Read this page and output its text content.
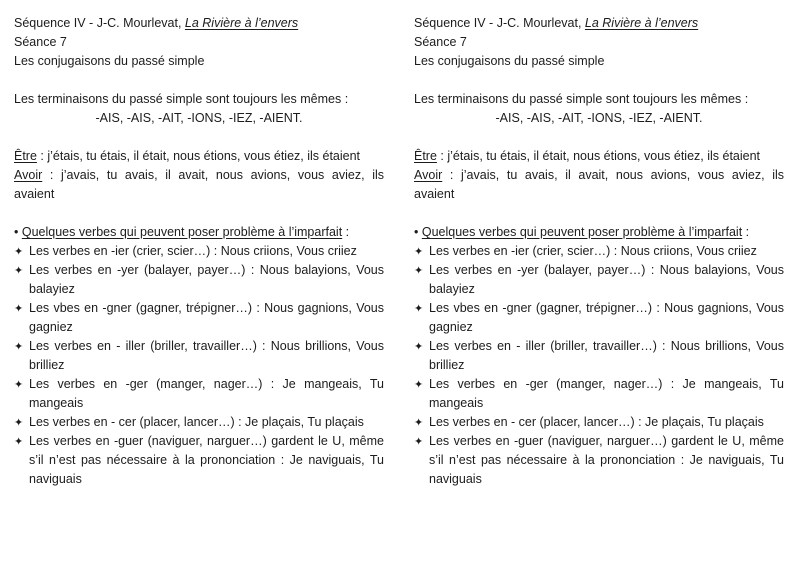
Séquence IV - J-C. Mourlevat, La Rivière à l’envers
Séance 7
Les conjugaisons du passé simple
Les terminaisons du passé simple sont toujours les mêmes :
-AIS, -AIS, -AIT, -IONS, -IEZ, -AIENT.
Être : j’étais, tu étais, il était, nous étions, vous étiez, ils étaient
Avoir : j’avais, tu avais, il avait, nous avions, vous aviez, ils
avaient
• Quelques verbes qui peuvent poser problème à l’imparfait :
✦ Les verbes en -ier (crier, scier…) : Nous criions, Vous criiez
✦ Les verbes en -yer (balayer, payer…) : Nous balayions, Vous
balayiez
✦ Les vbes en -gner (gagner, trépigner…) : Nous gagnions, Vous
gagniez
✦ Les verbes en - iller (briller, travailler…) : Nous brillions, Vous
brilliez
✦ Les verbes en -ger (manger, nager…) : Je mangeais, Tu
mangeais
✦ Les verbes en - cer (placer, lancer…) : Je plaçais, Tu plaçais
✦ Les verbes en -guer (naviguer, narguer…) gardent le U, même
s’il n’est pas nécessaire à la prononciation : Je naviguais, Tu
naviguais
Séquence IV - J-C. Mourlevat, La Rivière à l’envers
Séance 7
Les conjugaisons du passé simple
Les terminaisons du passé simple sont toujours les mêmes :
-AIS, -AIS, -AIT, -IONS, -IEZ, -AIENT.
Être : j’étais, tu étais, il était, nous étions, vous étiez, ils étaient
Avoir : j’avais, tu avais, il avait, nous avions, vous aviez, ils
avaient
• Quelques verbes qui peuvent poser problème à l’imparfait :
✦ Les verbes en -ier (crier, scier…) : Nous criions, Vous criiez
✦ Les verbes en -yer (balayer, payer…) : Nous balayions, Vous
balayiez
✦ Les vbes en -gner (gagner, trépigner…) : Nous gagnions, Vous
gagniez
✦ Les verbes en - iller (briller, travailler…) : Nous brillions, Vous
brilliez
✦ Les verbes en -ger (manger, nager…) : Je mangeais, Tu
mangeais
✦ Les verbes en - cer (placer, lancer…) : Je plaçais, Tu plaçais
✦ Les verbes en -guer (naviguer, narguer…) gardent le U, même
s’il n’est pas nécessaire à la prononciation : Je naviguais, Tu
naviguais
